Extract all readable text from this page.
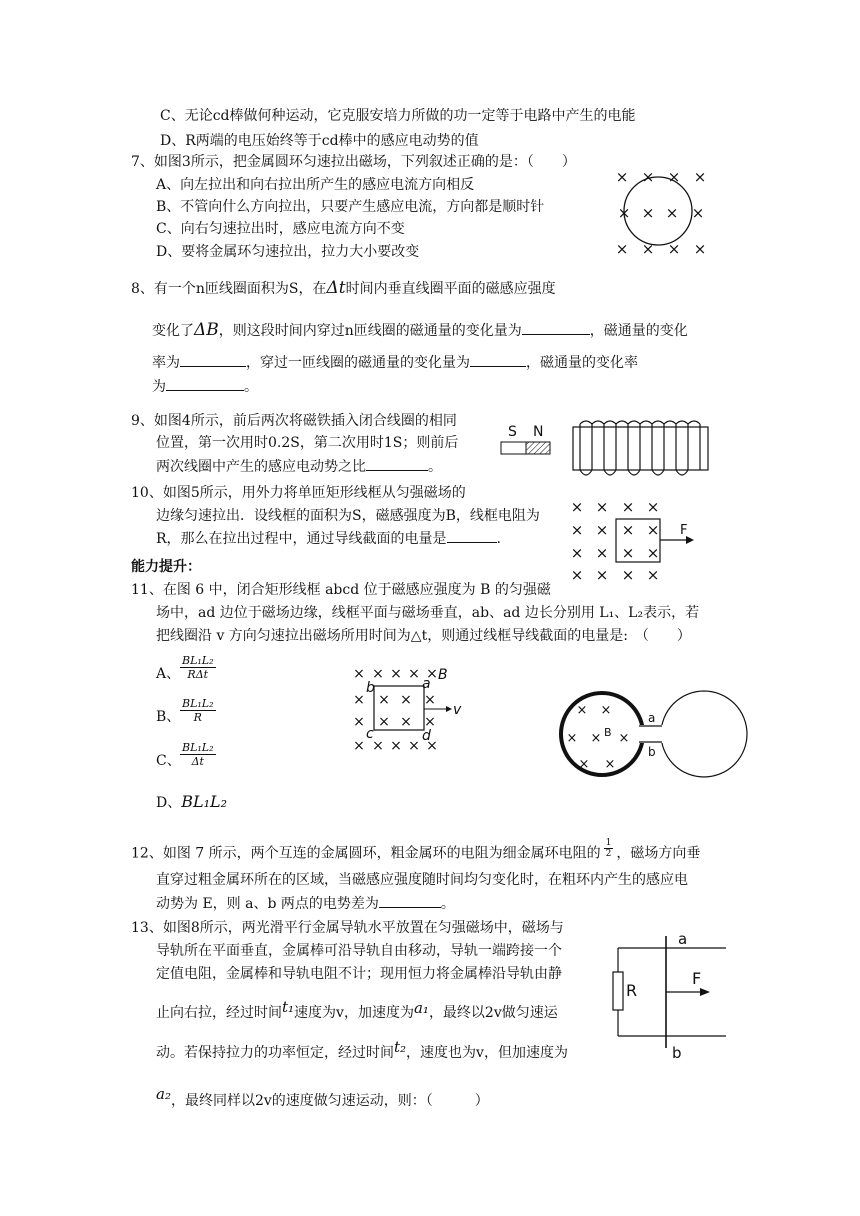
C、无论cd棒做何种运动，它克服安培力所做的功一定等于电路中产生的电能
D、R两端的电压始终等于cd棒中的感应电动势的值
7、如图3所示，把金属圆环匀速拉出磁场，下列叙述正确的是：（　　）
A、向左拉出和向右拉出所产生的感应电流方向相反
B、不管向什么方向拉出，只要产生感应电流，方向都是顺时针
C、向右匀速拉出时，感应电流方向不变
D、要将金属环匀速拉出，拉力大小要改变
8、有一个n匝线圈面积为S，在Δt时间内垂直线圈平面的磁感应强度
变化了ΔB，则这段时间内穿过n匝线圈的磁通量的变化量为	，磁通量的变化
率为	，穿过一匝线圈的磁通量的变化量为	，磁通量的变化率
为	。
9、如图4所示，前后两次将磁铁插入闭合线圈的相同
位置，第一次用时0.2S，第二次用时1S；则前后
两次线圈中产生的感应电动势之比	。
10、如图5所示，用外力将单匝矩形线框从匀强磁场的
边缘匀速拉出．设线框的面积为S，磁感强度为B，线框电阻为
R，那么在拉出过程中，通过导线截面的电量是	.
能力提升：
11、在图 6 中，闭合矩形线框 abcd 位于磁感应强度为 B 的匀强磁
场中，ad 边位于磁场边缘，线框平面与磁场垂直，ab、ad 边长分别用 L₁、L₂表示，若
把线圈沿 v 方向匀速拉出磁场所用时间为△t，则通过线框导线截面的电量是:　（　　）
A、 $\frac{\text{BL₁L₂}}{\text{RΔt}}$
B、 $\frac{\text{BL₁L₂}}{R}$
C、 $\frac{\text{BL₁L₂}}{\Delta t}$
D、BL₁L₂
12、如图 7 所示，两个互连的金属圆环，粗金属环的电阻为细金属环电阻的 $\frac{1}{2}$ ，磁场方向垂
直穿过粗金属环所在的区域，当磁感应强度随时间均匀变化时，在粗环内产生的感应电
动势为 E，则 a、b 两点的电势差为	。
13、如图8所示，两光滑平行金属导轨水平放置在匀强磁场中，磁场与
导轨所在平面垂直，金属棒可沿导轨自由移动，导轨一端跨接一个
定值电阻，金属棒和导轨电阻不计；现用恒力将金属棒沿导轨由静
止向右拉，经过时间t₁速度为v，加速度为a₁，最终以2v做匀速运
动。若保持拉力的功率恒定，经过时间t₂，速度也为v，但加速度为
a₂，最终同样以2v的速度做匀速运动，则：（　　　）
× × × ×
× × × ×
× × × ×
S N
× × × ×
× × × ×
× × × ×
× × × ×
F
× × × × ×
× × × ×
× × × ×
× × × × ×
b	a
c	d
B
v	× ×
× × ×
× ×
B
a
b
a
b
R
F
